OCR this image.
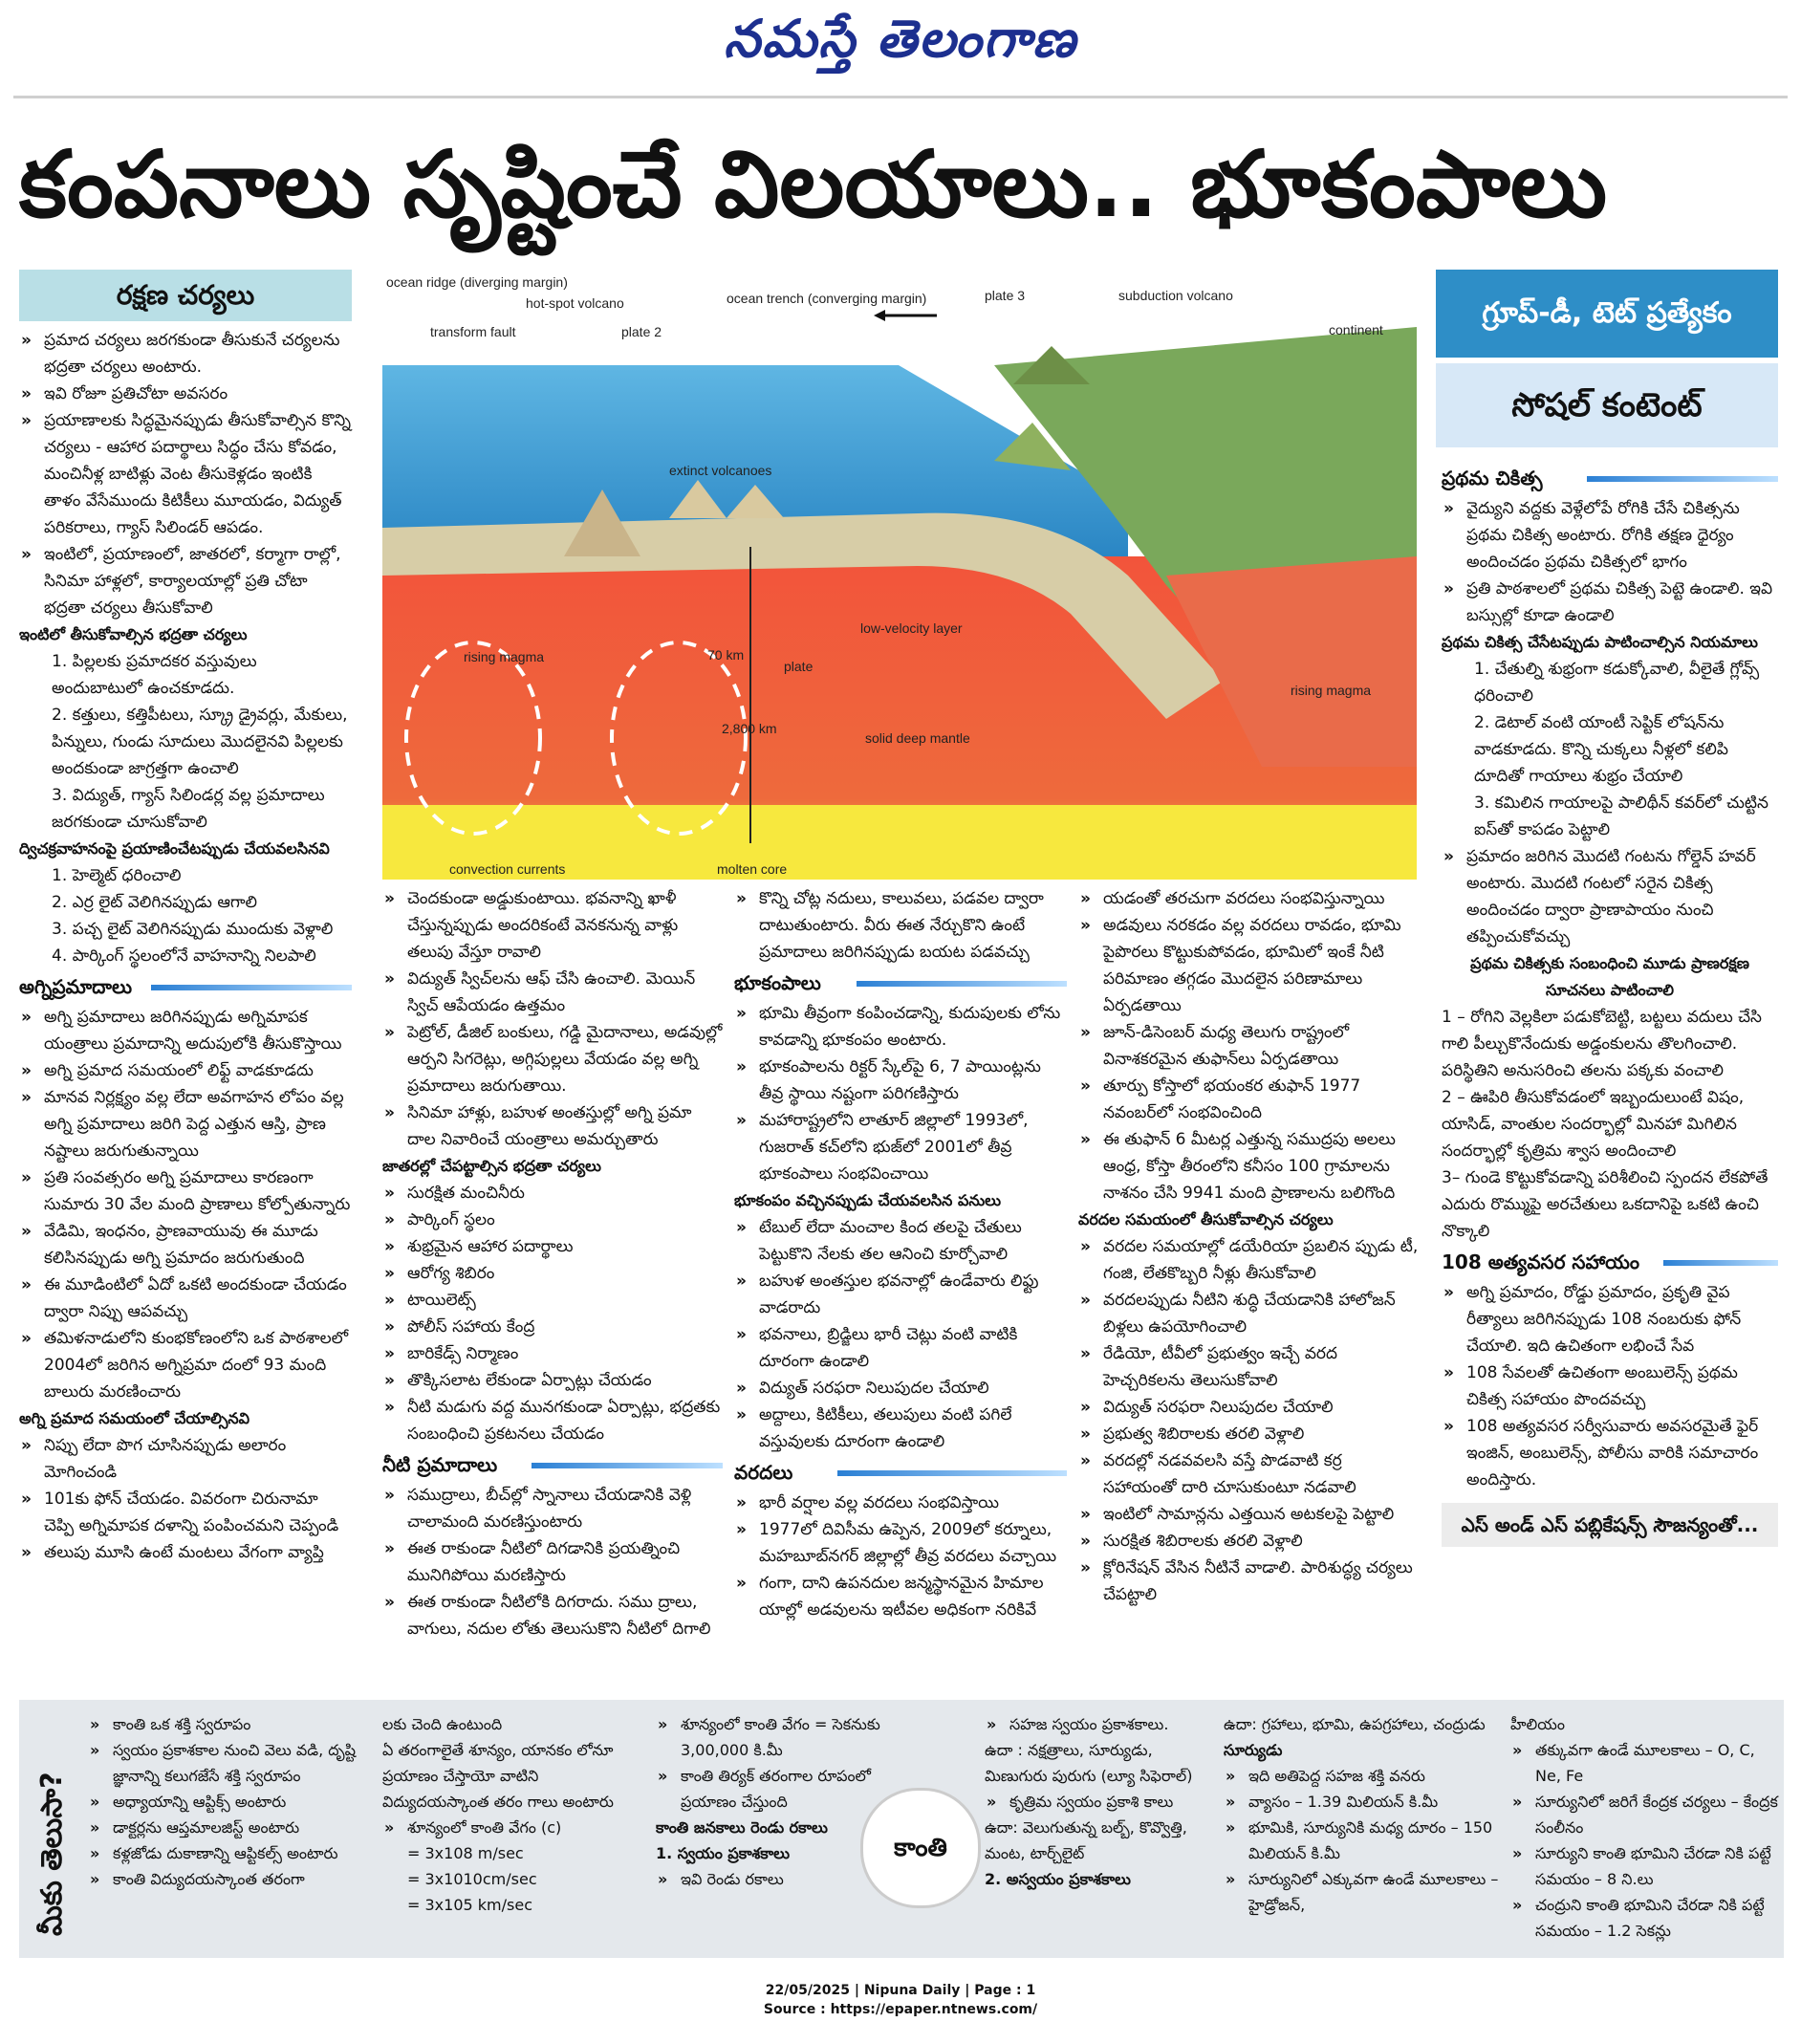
నమస్తే తెలంగాణ
కంపనాలు సృష్టించే విలయాలు.. భూకంపాలు
రక్షణ చర్యలు
» ప్రమాద చర్యలు జరగకుండా తీసుకునే చర్యలను భద్రతా చర్యలు అంటారు.
» ఇవి రోజూ ప్రతిచోటా అవసరం
» ప్రయాణాలకు సిద్ధమైనప్పుడు తీసుకోవాల్సిన కొన్ని చర్యలు - ఆహార పదార్థాలు సిద్ధం చేసు కోవడం, మంచినీళ్ల బాటిళ్లు వెంట తీసుకెళ్లడం ఇంటికి తాళం వేసేముందు కిటికీలు మూయడం, విద్యుత్ పరికరాలు, గ్యాస్ సిలిండర్ ఆపడం.
» ఇంటిలో, ప్రయాణంలో, జాతరలో, కర్మాగా రాల్లో, సినిమా హాళ్లలో, కార్యాలయాల్లో ప్రతి చోటా భద్రతా చర్యలు తీసుకోవాలి
ఇంటిలో తీసుకోవాల్సిన భద్రతా చర్యలు
1. పిల్లలకు ప్రమాదకర వస్తువులు అందుబాటులో ఉంచకూడదు.
2. కత్తులు, కత్తిపీటలు, స్క్రూ డ్రైవర్లు, మేకులు, పిన్నులు, గుండు సూదులు మొదలైనవి పిల్లలకు అందకుండా జాగ్రత్తగా ఉంచాలి
3. విద్యుత్, గ్యాస్ సిలిండర్ల వల్ల ప్రమాదాలు జరగకుండా చూసుకోవాలి
ద్విచక్రవాహనంపై ప్రయాణించేటప్పుడు చేయవలసినవి
1. హెల్మెట్ ధరించాలి
2. ఎర్ర లైట్ వెలిగినప్పుడు ఆగాలి
3. పచ్చ లైట్ వెలిగినప్పుడు ముందుకు వెళ్లాలి
4. పార్కింగ్ స్థలంలోనే వాహనాన్ని నిలపాలి
అగ్నిప్రమాదాలు
» అగ్ని ప్రమాదాలు జరిగినప్పుడు అగ్నిమాపక యంత్రాలు ప్రమాదాన్ని అదుపులోకి తీసుకొస్తాయి
» అగ్ని ప్రమాద సమయంలో లిఫ్ట్ వాడకూడదు
» మానవ నిర్లక్ష్యం వల్ల లేదా అవగాహన లోపం వల్ల అగ్ని ప్రమాదాలు జరిగి పెద్ద ఎత్తున ఆస్తి, ప్రాణ నష్టాలు జరుగుతున్నాయి
» ప్రతి సంవత్సరం అగ్ని ప్రమాదాలు కారణంగా సుమారు 30 వేల మంది ప్రాణాలు కోల్పోతున్నారు
» వేడిమి, ఇంధనం, ప్రాణవాయువు ఈ మూడు కలిసినప్పుడు అగ్ని ప్రమాదం జరుగుతుంది
» ఈ మూడింటిలో ఏదో ఒకటి అందకుండా చేయడం ద్వారా నిప్పు ఆపవచ్చు
» తమిళనాడులోని కుంభకోణంలోని ఒక పాఠశాలలో 2004లో జరిగిన అగ్నిప్రమా దంలో 93 మంది బాలురు మరణించారు
అగ్ని ప్రమాద సమయంలో చేయాల్సినవి
» నిప్పు లేదా పొగ చూసినప్పుడు అలారం మోగించండి
» 101కు ఫోన్ చేయడం. వివరంగా చిరునామా చెప్పి అగ్నిమాపక దళాన్ని పంపించమని చెప్పండి
» తలుపు మూసి ఉంటే మంటలు వేగంగా వ్యాప్తి
ocean ridge (diverging margin)
transform fault
hot-spot volcano
plate 2
ocean trench (converging margin)	plate 3	subduction volcano
continent
extinct volcanoes
rising magma	70 km
plate
low-velocity layer
rising magma
2,800 km
solid deep mantle
convection currents	molten core
» చెందకుండా అడ్డుకుంటాయి. భవనాన్ని ఖాళీ చేస్తున్నప్పుడు అందరికంటే వెనకనున్న వాళ్లు తలుపు వేస్తూ రావాలి
» విద్యుత్ స్విచ్‌లను ఆఫ్ చేసి ఉంచాలి. మెయిన్ స్విచ్ ఆపేయడం ఉత్తమం
» పెట్రోల్, డీజిల్ బంకులు, గడ్డి మైదానాలు, అడవుల్లో ఆర్పని సిగరెట్లు, అగ్గిపుల్లలు వేయడం వల్ల అగ్ని ప్రమాదాలు జరుగుతాయి.
» సినిమా హాళ్లు, బహుళ అంతస్తుల్లో అగ్ని ప్రమా దాల నివారించే యంత్రాలు అమర్చుతారు
జాతరల్లో చేపట్టాల్సిన భద్రతా చర్యలు
» సురక్షిత మంచినీరు
» పార్కింగ్ స్థలం
» శుభ్రమైన ఆహార పదార్థాలు
» ఆరోగ్య శిబిరం
» టాయిలెట్స్
» పోలీస్ సహాయ కేంద్ర
» బారికేడ్స్ నిర్మాణం
» తొక్కిసలాట లేకుండా ఏర్పాట్లు చేయడం
» నీటి మడుగు వద్ద మునగకుండా ఏర్పాట్లు, భద్రతకు సంబంధించి ప్రకటనలు చేయడం
నీటి ప్రమాదాలు
» సముద్రాలు, బీచ్‌ల్లో స్నానాలు చేయడానికి వెళ్లి చాలామంది మరణిస్తుంటారు
» ఈత రాకుండా నీటిలో దిగడానికి ప్రయత్నించి మునిగిపోయి మరణిస్తారు
» ఈత రాకుండా నీటిలోకి దిగరాదు. సము ద్రాలు, వాగులు, నదుల లోతు తెలుసుకొని నీటిలో దిగాలి
» కొన్ని చోట్ల నదులు, కాలువలు, పడవల ద్వారా దాటుతుంటారు. వీరు ఈత నేర్చుకొని ఉంటే ప్రమాదాలు జరిగినప్పుడు బయట పడవచ్చు
భూకంపాలు
» భూమి తీవ్రంగా కంపించడాన్ని, కుదుపులకు లోను కావడాన్ని భూకంపం అంటారు.
» భూకంపాలను రిక్టర్ స్కేల్‌పై 6, 7 పాయింట్లను తీవ్ర స్థాయి నష్టంగా పరిగణిస్తారు
» మహారాష్ట్రలోని లాతూర్ జిల్లాలో 1993లో, గుజరాత్ కచ్‌లోని భుజ్‌లో 2001లో తీవ్ర భూకంపాలు సంభవించాయి
భూకంపం వచ్చినప్పుడు చేయవలసిన పనులు
» టేబుల్ లేదా మంచాల కింద తలపై చేతులు పెట్టుకొని నేలకు తల ఆనించి కూర్చోవాలి
» బహుళ అంతస్తుల భవనాల్లో ఉండేవారు లిఫ్టు వాడరాదు
» భవనాలు, బ్రిడ్జిలు భారీ చెట్లు వంటి వాటికి దూరంగా ఉండాలి
» విద్యుత్ సరఫరా నిలుపుదల చేయాలి
» అద్దాలు, కిటికీలు, తలుపులు వంటి పగిలే వస్తువులకు దూరంగా ఉండాలి
వరదలు
» భారీ వర్షాల వల్ల వరదలు సంభవిస్తాయి
» 1977లో దివిసీమ ఉప్పెన, 2009లో కర్నూలు, మహబూబ్‌నగర్ జిల్లాల్లో తీవ్ర వరదలు వచ్చాయి
» గంగా, దాని ఉపనదుల జన్మస్థానమైన హిమాల యాల్లో అడవులను ఇటీవల అధికంగా నరికివే
» యడంతో తరచుగా వరదలు సంభవిస్తున్నాయి
» అడవులు నరకడం వల్ల వరదలు రావడం, భూమి పైపొరలు కొట్టుకుపోవడం, భూమిలో ఇంకే నీటి పరిమాణం తగ్గడం మొదలైన పరిణామాలు ఏర్పడతాయి
» జూన్-డిసెంబర్ మధ్య తెలుగు రాష్ట్రంలో వినాశకరమైన తుఫాన్‌లు ఏర్పడతాయి
» తూర్పు కోస్తాలో భయంకర తుఫాన్ 1977 నవంబర్‌లో సంభవించింది
» ఈ తుఫాన్ 6 మీటర్ల ఎత్తున్న సముద్రపు అలలు ఆంధ్ర, కోస్తా తీరంలోని కనీసం 100 గ్రామాలను నాశనం చేసి 9941 మంది ప్రాణాలను బలిగొంది
వరదల సమయంలో తీసుకోవాల్సిన చర్యలు
» వరదల సమయాల్లో డయేరియా ప్రబలిన ప్పుడు టీ, గంజి, లేతకొబ్బరి నీళ్లు తీసుకోవాలి
» వరదలప్పుడు నీటిని శుద్ధి చేయడానికి హాలోజన్ బిళ్లలు ఉపయోగించాలి
» రేడియో, టీవీలో ప్రభుత్వం ఇచ్చే వరద హెచ్చరికలను తెలుసుకోవాలి
» విద్యుత్ సరఫరా నిలుపుదల చేయాలి
» ప్రభుత్వ శిబిరాలకు తరలి వెళ్లాలి
» వరదల్లో నడవవలసి వస్తే పొడవాటి కర్ర సహాయంతో దారి చూసుకుంటూ నడవాలి
» ఇంటిలో సామాన్లను ఎత్తయిన అటకలపై పెట్టాలి
» సురక్షిత శిబిరాలకు తరలి వెళ్లాలి
» క్లోరినేషన్ వేసిన నీటినే వాడాలి. పారిశుద్ధ్య చర్యలు చేపట్టాలి
గ్రూప్-డీ, టెట్ ప్రత్యేకం
సోషల్ కంటెంట్
ప్రథమ చికిత్స
» వైద్యుని వద్దకు వెళ్లేలోపే రోగికి చేసే చికిత్సను ప్రథమ చికిత్స అంటారు. రోగికి తక్షణ ధైర్యం అందించడం ప్రథమ చికిత్సలో భాగం
» ప్రతి పాఠశాలలో ప్రథమ చికిత్స పెట్టె ఉండాలి. ఇవి బస్సుల్లో కూడా ఉండాలి
ప్రథమ చికిత్స చేసేటప్పుడు పాటించాల్సిన నియమాలు
1. చేతుల్ని శుభ్రంగా కడుక్కోవాలి, వీలైతే గ్లోవ్స్ ధరించాలి
2. డెటాల్ వంటి యాంటీ సెప్టిక్ లోషన్‌ను వాడకూడదు. కొన్ని చుక్కలు నీళ్లలో కలిపి దూదితో గాయాలు శుభ్రం చేయాలి
3. కమిలిన గాయాలపై పాలిథీన్ కవర్‌లో చుట్టిన ఐస్‌తో కాపడం పెట్టాలి
» ప్రమాదం జరిగిన మొదటి గంటను గోల్డెన్ హవర్ అంటారు. మొదటి గంటలో సరైన చికిత్స అందించడం ద్వారా ప్రాణాపాయం నుంచి తప్పించుకోవచ్చు
ప్రథమ చికిత్సకు సంబంధించి మూడు ప్రాణరక్షణ సూచనలు పాటించాలి
1 – రోగిని వెల్లకిలా పడుకోబెట్టి, బట్టలు వదులు చేసి గాలి పీల్చుకొనేందుకు అడ్డంకులను తొలగించాలి. పరిస్థితిని అనుసరించి తలను పక్కకు వంచాలి
2 – ఊపిరి తీసుకోవడంలో ఇబ్బందులుంటే విషం, యాసిడ్, వాంతుల సందర్భాల్లో మినహా మిగిలిన సందర్భాల్లో కృత్రిమ శ్వాస అందించాలి
3– గుండె కొట్టుకోవడాన్ని పరిశీలించి స్పందన లేకపోతే ఎదురు రొమ్ముపై అరచేతులు ఒకదానిపై ఒకటి ఉంచి నొక్కాలి
108 అత్యవసర సహాయం
» అగ్ని ప్రమాదం, రోడ్డు ప్రమాదం, ప్రకృతి వైప రీత్యాలు జరిగినప్పుడు 108 నంబరుకు ఫోన్ చేయాలి. ఇది ఉచితంగా లభించే సేవ
» 108 సేవలతో ఉచితంగా అంబులెన్స్ ప్రథమ చికిత్స సహాయం పొందవచ్చు
» 108 అత్యవసర సర్వీసువారు అవసరమైతే ఫైర్ ఇంజిన్, అంబులెన్స్, పోలీసు వారికి సమాచారం అందిస్తారు.
ఎస్ అండ్ ఎస్ పబ్లికేషన్స్ సౌజన్యంతో...
మీకు తెలుసా?
» కాంతి ఒక శక్తి స్వరూపం
» స్వయం ప్రకాశకాల నుంచి వెలు వడి, దృష్టి జ్ఞానాన్ని కలుగజేసే శక్తి స్వరూపం
» అధ్యాయాన్ని ఆప్టిక్స్ అంటారు
» డాక్టర్లను ఆప్తమాలజిస్ట్ అంటారు
» కళ్లజోడు దుకాణాన్ని ఆప్టికల్స్ అంటారు
» కాంతి విద్యుదయస్కాంత తరంగా
లకు చెంది ఉంటుంది
ఏ తరంగాలైతే శూన్యం, యానకం లోనూ ప్రయాణం చేస్తాయో వాటిని విద్యుదయస్కాంత తరం గాలు అంటారు
» శూన్యంలో కాంతి వేగం (c)
= 3x108 m/sec
= 3x1010cm/sec
= 3x105 km/sec
» శూన్యంలో కాంతి వేగం = సెకనుకు 3,00,000 కి.మీ
» కాంతి తిర్యక్ తరంగాల రూపంలో ప్రయాణం చేస్తుంది
కాంతి జనకాలు రెండు రకాలు
1. స్వయం ప్రకాశకాలు
» ఇవి రెండు రకాలు
కాంతి
» సహజ స్వయం ప్రకాశకాలు.
ఉదా : నక్షత్రాలు, సూర్యుడు, మిణుగురు పురుగు (ల్యూ సిఫెరాల్)
» కృత్రిమ స్వయం ప్రకాశి కాలు
ఉదా: వెలుగుతున్న బల్బ్, కొవ్వొత్తి, మంట, టార్చ్‌లైట్
2. అస్వయం ప్రకాశకాలు
ఉదా: గ్రహాలు, భూమి, ఉపగ్రహాలు, చంద్రుడు
సూర్యుడు
» ఇది అతిపెద్ద సహజ శక్తి వనరు
» వ్యాసం – 1.39 మిలియన్ కి.మీ
» భూమికి, సూర్యునికి మధ్య దూరం – 150 మిలియన్ కి.మీ
» సూర్యునిలో ఎక్కువగా ఉండే మూలకాలు – హైడ్రోజన్,
హీలియం
» తక్కువగా ఉండే మూలకాలు – O, C, Ne, Fe
» సూర్యునిలో జరిగే కేంద్రక చర్యలు – కేంద్రక సంలీనం
» సూర్యుని కాంతి భూమిని చేరడా నికి పట్టే సమయం – 8 ని.లు
» చంద్రుని కాంతి భూమిని చేరడా నికి పట్టే సమయం – 1.2 సెకన్లు
22/05/2025 | Nipuna Daily | Page : 1
Source : https://epaper.ntnews.com/
